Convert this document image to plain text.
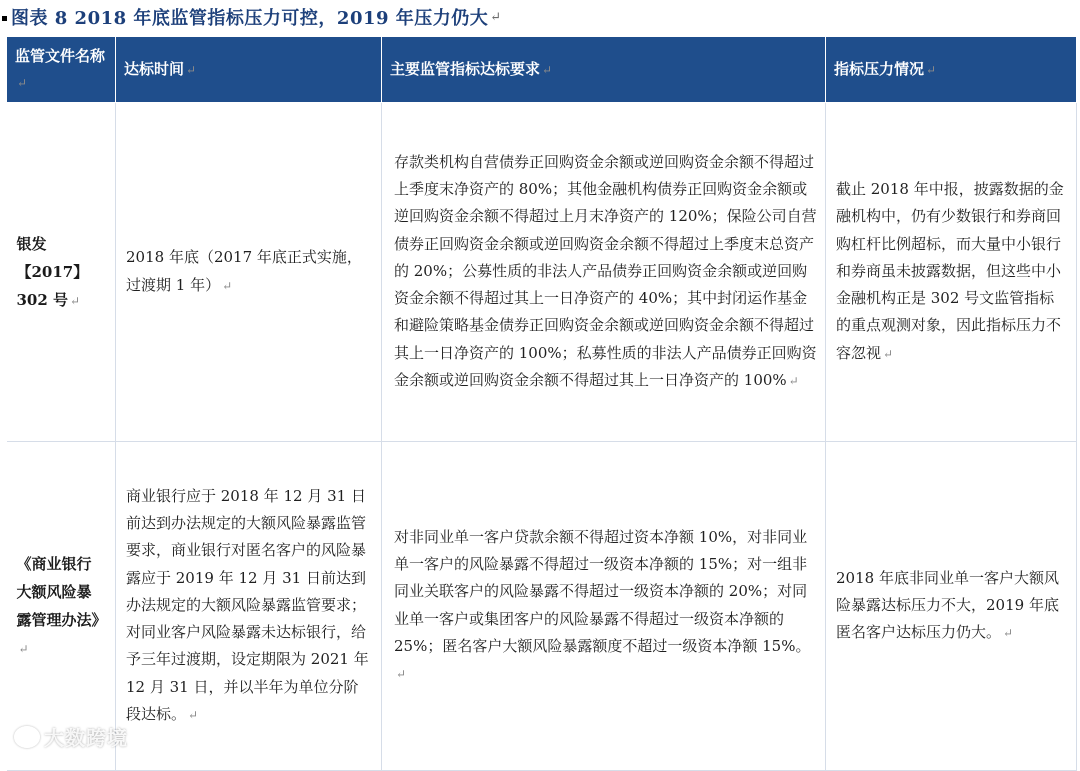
图表 8 2018 年底监管指标压力可控，2019 年压力仍大 ↵
监管文件名称↵	达标时间 ↵	主要监管指标达标要求 ↵	指标压力情况 ↵
银发【2017】302 号 ↵	2018 年底（2017 年底正式实施，过渡期 1 年） ↵	存款类机构自营债券正回购资金余额或逆回购资金余额不得超过上季度末净资产的 80%；其他金融机构债券正回购资金余额或逆回购资金余额不得超过上月末净资产的 120%；保险公司自营债券正回购资金余额或逆回购资金余额不得超过上季度末总资产的 20%；公募性质的非法人产品债券正回购资金余额或逆回购资金余额不得超过其上一日净资产的 40%；其中封闭运作基金和避险策略基金债券正回购资金余额或逆回购资金余额不得超过其上一日净资产的 100%；私募性质的非法人产品债券正回购资金余额或逆回购资金余额不得超过其上一日净资产的 100% ↵	截止 2018 年中报，披露数据的金融机构中，仍有少数银行和券商回购杠杆比例超标，而大量中小银行和券商虽未披露数据，但这些中小金融机构正是 302 号文监管指标的重点观测对象，因此指标压力不容忽视 ↵
《商业银行大额风险暴露管理办法》↵	商业银行应于 2018 年 12 月 31 日前达到办法规定的大额风险暴露监管要求，商业银行对匿名客户的风险暴露应于 2019 年 12 月 31 日前达到办法规定的大额风险暴露监管要求；对同业客户风险暴露未达标银行，给予三年过渡期，设定期限为 2021 年 12 月 31 日，并以半年为单位分阶段达标。 ↵	对非同业单一客户贷款余额不得超过资本净额 10%，对非同业单一客户的风险暴露不得超过一级资本净额的 15%；对一组非同业关联客户的风险暴露不得超过一级资本净额的 20%；对同业单一客户或集团客户的风险暴露不得超过一级资本净额的 25%；匿名客户大额风险暴露额度不超过一级资本净额 15%。↵	2018 年底非同业单一客户大额风险暴露达标压力不大，2019 年底匿名客户达标压力仍大。 ↵
大数跨境
